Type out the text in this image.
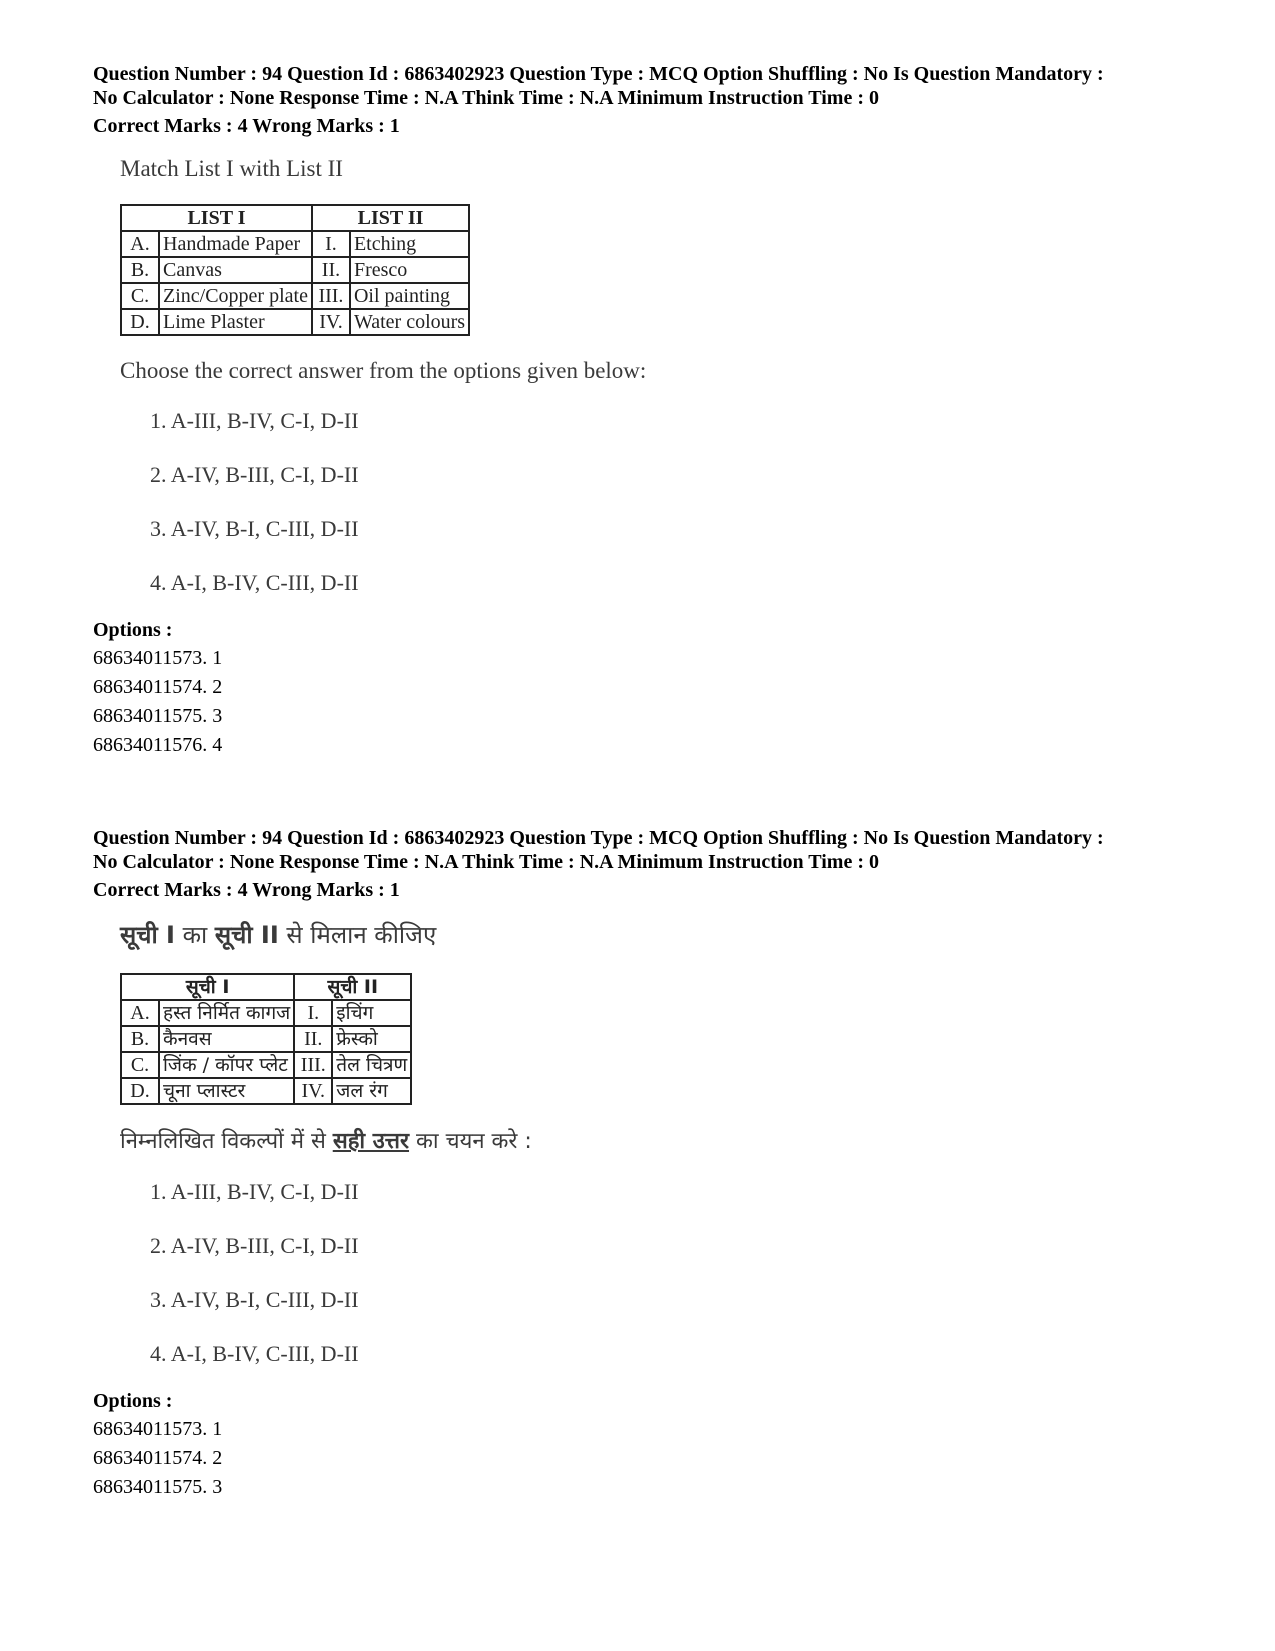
Question Number : 94 Question Id : 6863402923 Question Type : MCQ Option Shuffling : No Is Question Mandatory :

No Calculator : None Response Time : N.A Think Time : N.A Minimum Instruction Time : 0

Correct Marks : 4 Wrong Marks : 1

Match List I with List II

LIST I		LIST II	
A.	Handmade Paper	I.	Etching
B.	Canvas	II.	Fresco
C.	Zinc/Copper plate	III.	Oil painting
D.	Lime Plaster	IV.	Water colours

Choose the correct answer from the options given below:

1. A-III, B-IV, C-I, D-II
2. A-IV, B-III, C-I, D-II
3. A-IV, B-I, C-III, D-II
4. A-I, B-IV, C-III, D-II
Options :
68634011573. 1
68634011574. 2
68634011575. 3
68634011576. 4

Question Number : 94 Question Id : 6863402923 Question Type : MCQ Option Shuffling : No Is Question Mandatory :

No Calculator : None Response Time : N.A Think Time : N.A Minimum Instruction Time : 0

Correct Marks : 4 Wrong Marks : 1

सूची I का सूची II से मिलान कीजिए

सूची I		सूची II	
A.	हस्त निर्मित कागज	I.	इचिंग
B.	कैनवस	II.	फ्रेस्को
C.	जिंक / कॉपर प्लेट	III.	तेल चित्रण
D.	चूना प्लास्टर	IV.	जल रंग

निम्नलिखित विकल्पों में से सही उत्तर का चयन करे :

1. A-III, B-IV, C-I, D-II
2. A-IV, B-III, C-I, D-II
3. A-IV, B-I, C-III, D-II
4. A-I, B-IV, C-III, D-II
Options :
68634011573. 1
68634011574. 2
68634011575. 3
